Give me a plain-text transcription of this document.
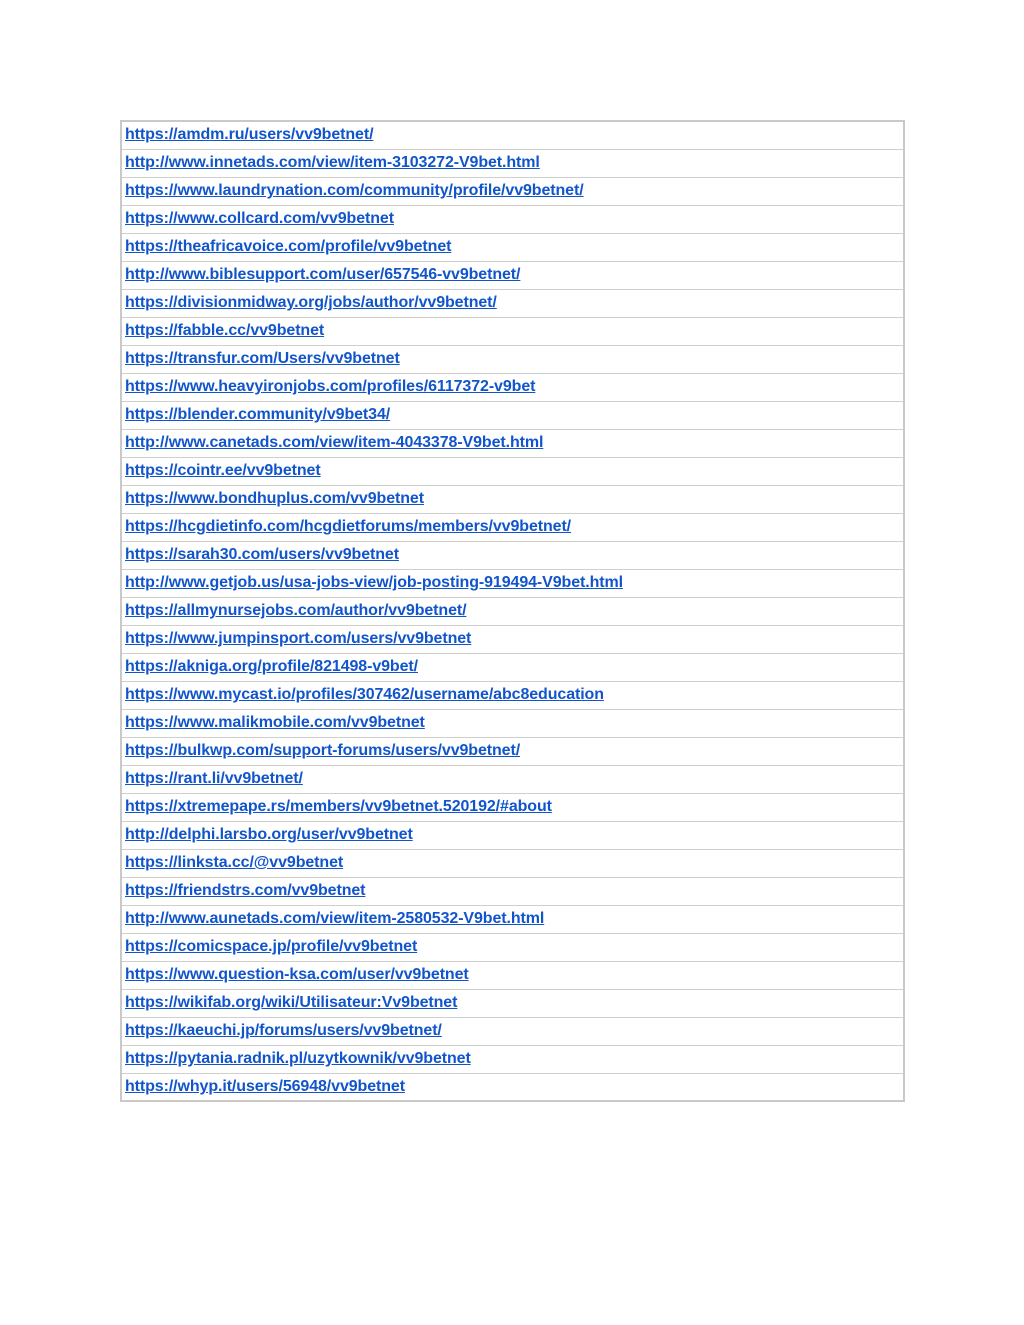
https://amdm.ru/users/vv9betnet/
http://www.innetads.com/view/item-3103272-V9bet.html
https://www.laundrynation.com/community/profile/vv9betnet/
https://www.collcard.com/vv9betnet
https://theafricavoice.com/profile/vv9betnet
http://www.biblesupport.com/user/657546-vv9betnet/
https://divisionmidway.org/jobs/author/vv9betnet/
https://fabble.cc/vv9betnet
https://transfur.com/Users/vv9betnet
https://www.heavyironjobs.com/profiles/6117372-v9bet
https://blender.community/v9bet34/
http://www.canetads.com/view/item-4043378-V9bet.html
https://cointr.ee/vv9betnet
https://www.bondhuplus.com/vv9betnet
https://hcgdietinfo.com/hcgdietforums/members/vv9betnet/
https://sarah30.com/users/vv9betnet
http://www.getjob.us/usa-jobs-view/job-posting-919494-V9bet.html
https://allmynursejobs.com/author/vv9betnet/
https://www.jumpinsport.com/users/vv9betnet
https://akniga.org/profile/821498-v9bet/
https://www.mycast.io/profiles/307462/username/abc8education
https://www.malikmobile.com/vv9betnet
https://bulkwp.com/support-forums/users/vv9betnet/
https://rant.li/vv9betnet/
https://xtremepape.rs/members/vv9betnet.520192/#about
http://delphi.larsbo.org/user/vv9betnet
https://linksta.cc/@vv9betnet
https://friendstrs.com/vv9betnet
http://www.aunetads.com/view/item-2580532-V9bet.html
https://comicspace.jp/profile/vv9betnet
https://www.question-ksa.com/user/vv9betnet
https://wikifab.org/wiki/Utilisateur:Vv9betnet
https://kaeuchi.jp/forums/users/vv9betnet/
https://pytania.radnik.pl/uzytkownik/vv9betnet
https://whyp.it/users/56948/vv9betnet
